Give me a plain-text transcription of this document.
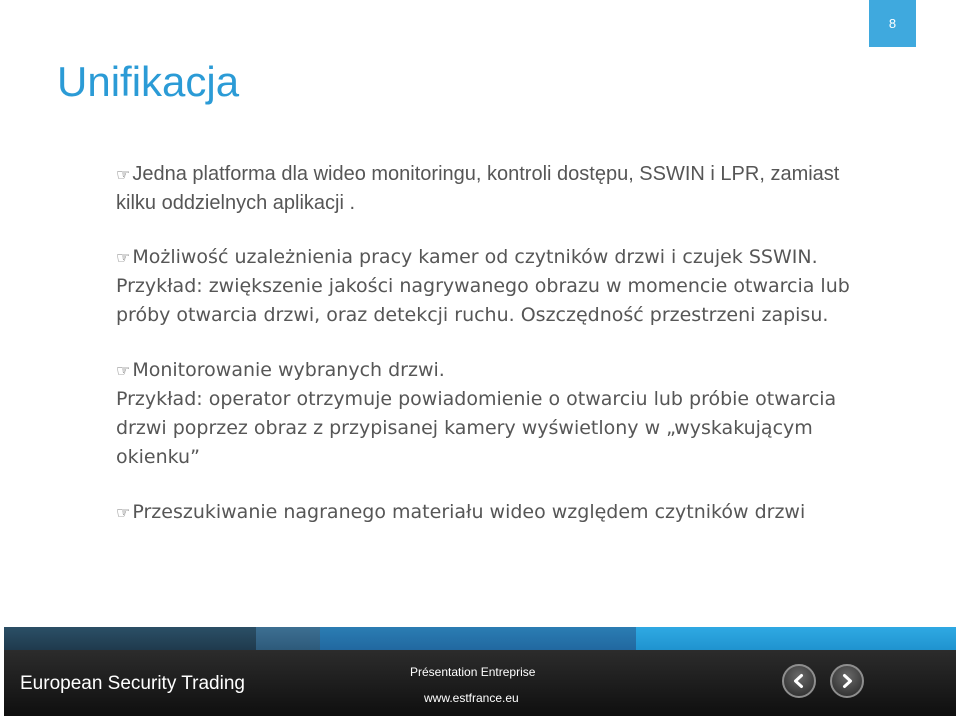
8
Unifikacja

☞ Jedna platforma dla wideo monitoringu, kontroli dostępu, SSWIN i LPR, zamiast kilku oddzielnych aplikacji .

☞ Możliwość uzależnienia pracy kamer od czytników drzwi i czujek SSWIN.
Przykład: zwiększenie jakości nagrywanego obrazu w momencie otwarcia lub próby otwarcia drzwi, oraz detekcji ruchu. Oszczędność przestrzeni zapisu.

☞ Monitorowanie wybranych drzwi.
Przykład: operator otrzymuje powiadomienie o otwarciu lub próbie otwarcia drzwi poprzez obraz z przypisanej kamery wyświetlony w „wyskakującym okienku”

☞ Przeszukiwanie nagranego materiału wideo względem czytników drzwi

European Security Trading
Présentation Entreprise
www.estfrance.eu
